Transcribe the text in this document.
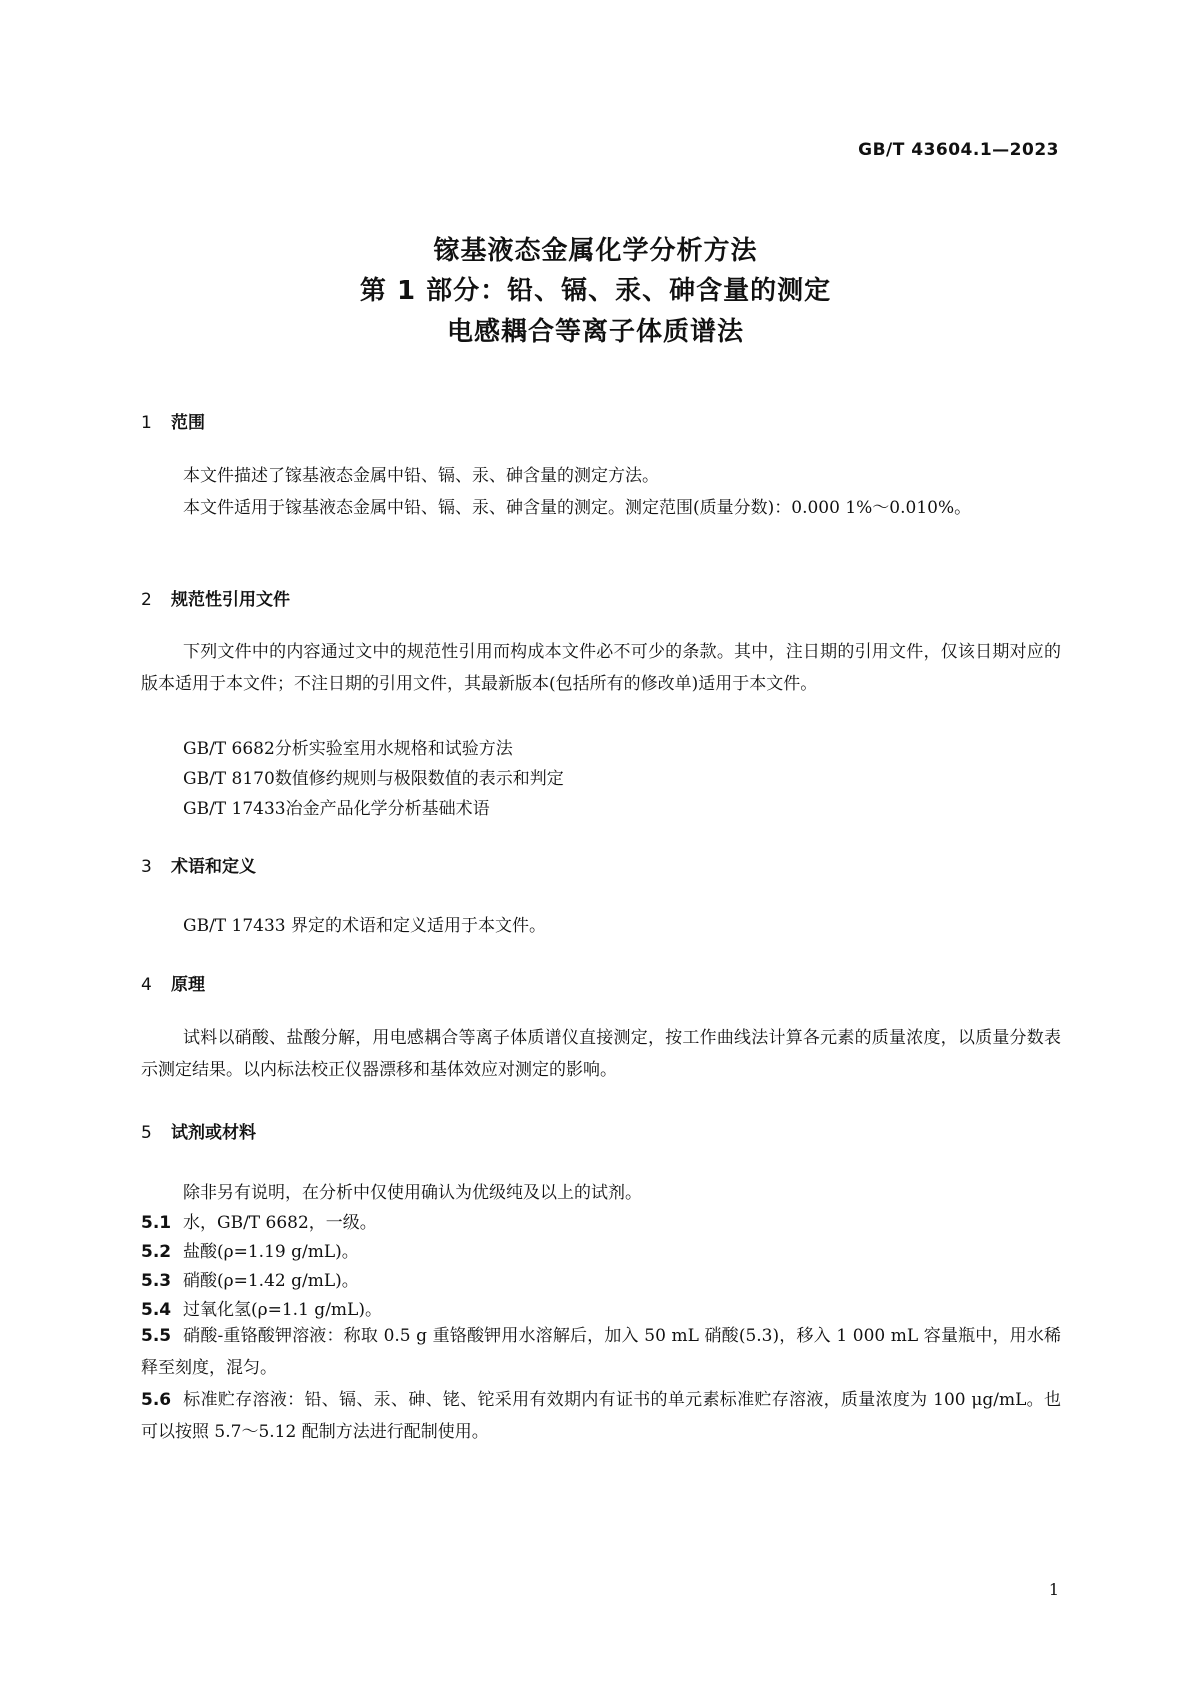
GB/T 43604.1—2023
镓基液态金属化学分析方法
第 1 部分：铅、镉、汞、砷含量的测定
电感耦合等离子体质谱法
1 范围
本文件描述了镓基液态金属中铅、镉、汞、砷含量的测定方法。
本文件适用于镓基液态金属中铅、镉、汞、砷含量的测定。测定范围(质量分数)：0.000 1%～0.010%。
2 规范性引用文件
下列文件中的内容通过文中的规范性引用而构成本文件必不可少的条款。其中，注日期的引用文件，仅该日期对应的版本适用于本文件；不注日期的引用文件，其最新版本(包括所有的修改单)适用于本文件。
GB/T 6682分析实验室用水规格和试验方法
GB/T 8170数值修约规则与极限数值的表示和判定
GB/T 17433冶金产品化学分析基础术语
3 术语和定义
GB/T 17433 界定的术语和定义适用于本文件。
4 原理
试料以硝酸、盐酸分解，用电感耦合等离子体质谱仪直接测定，按工作曲线法计算各元素的质量浓度，以质量分数表示测定结果。以内标法校正仪器漂移和基体效应对测定的影响。
5 试剂或材料
除非另有说明，在分析中仅使用确认为优级纯及以上的试剂。
5.1 水，GB/T 6682，一级。
5.2 盐酸(ρ=1.19 g/mL)。
5.3 硝酸(ρ=1.42 g/mL)。
5.4 过氧化氢(ρ=1.1 g/mL)。
5.5 硝酸-重铬酸钾溶液：称取 0.5 g 重铬酸钾用水溶解后，加入 50 mL 硝酸(5.3)，移入 1 000 mL 容量瓶中，用水稀释至刻度，混匀。
5.6 标准贮存溶液：铅、镉、汞、砷、铑、铊采用有效期内有证书的单元素标准贮存溶液，质量浓度为 100 μg/mL。也可以按照 5.7～5.12 配制方法进行配制使用。
1
